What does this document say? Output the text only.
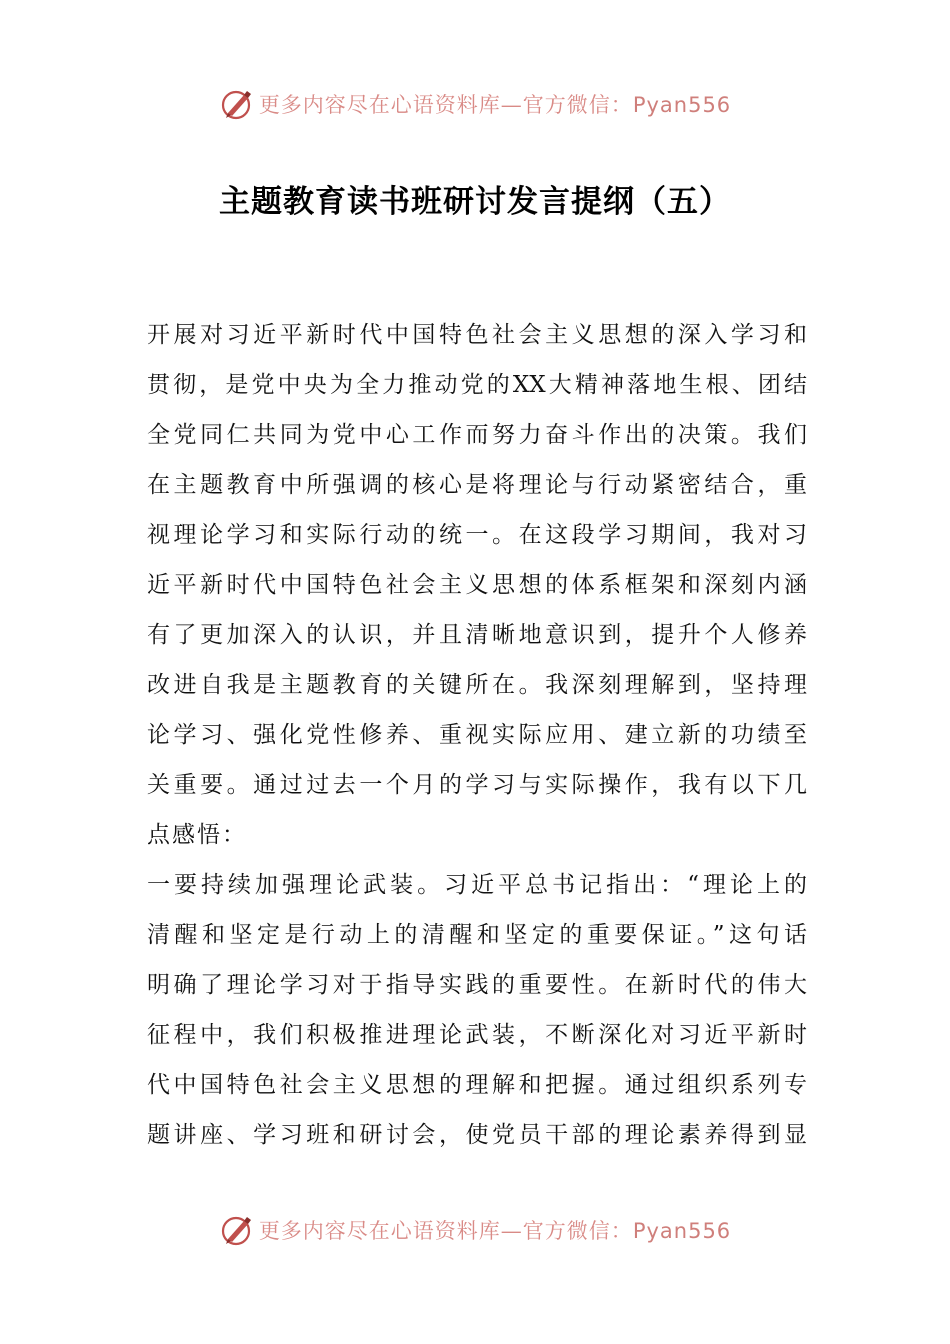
更多内容尽在心语资料库—官方微信：Pyan556
主题教育读书班研讨发言提纲（五）
开展对习近平新时代中国特色社会主义思想的深入学习和
贯彻，是党中央为全力推动党的XX大精神落地生根、团结
全党同仁共同为党中心工作而努力奋斗作出的决策。我们
在主题教育中所强调的核心是将理论与行动紧密结合，重
视理论学习和实际行动的统一。在这段学习期间，我对习
近平新时代中国特色社会主义思想的体系框架和深刻内涵
有了更加深入的认识，并且清晰地意识到，提升个人修养
改进自我是主题教育的关键所在。我深刻理解到，坚持理
论学习、强化党性修养、重视实际应用、建立新的功绩至
关重要。通过过去一个月的学习与实际操作，我有以下几
点感悟：
一要持续加强理论武装。习近平总书记指出：“理论上的
清醒和坚定是行动上的清醒和坚定的重要保证。”这句话
明确了理论学习对于指导实践的重要性。在新时代的伟大
征程中，我们积极推进理论武装，不断深化对习近平新时
代中国特色社会主义思想的理解和把握。通过组织系列专
题讲座、学习班和研讨会，使党员干部的理论素养得到显
更多内容尽在心语资料库—官方微信：Pyan556
